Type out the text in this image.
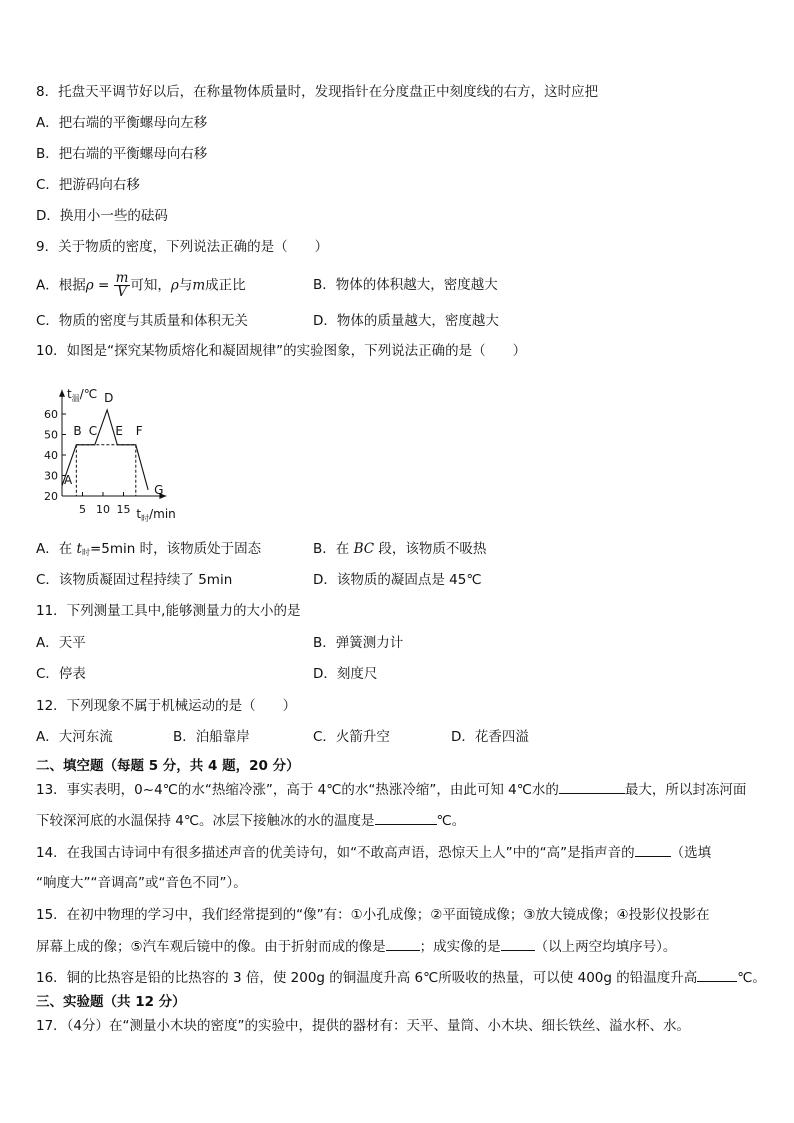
8．托盘天平调节好以后，在称量物体质量时，发现指针在分度盘正中刻度线的右方，这时应把
A．把右端的平衡螺母向左移
B．把右端的平衡螺母向右移
C．把游码向右移
D．换用小一些的砝码
9．关于物质的密度，下列说法正确的是（　　）
A．根据$\rho = \frac{m}{V}$ 可知，ρ与m成正比	B．物体的体积越大，密度越大
C．物质的密度与其质量和体积无关	D．物体的质量越大，密度越大
10．如图是“探究某物质熔化和凝固规律”的实验图象，下列说法正确的是（　　）
20
30
40
50
60
5 10 15
$t_温/℃$
$t_时/\min$
A
B C
D
E F
G
A．在 t时=5min 时，该物质处于固态	B．在 BC 段，该物质不吸热
C．该物质凝固过程持续了 5min	D．该物质的凝固点是 45℃
11．下列测量工具中,能够测量力的大小的是
A．天平	B．弹簧测力计
C．停表	D．刻度尺
12．下列现象不属于机械运动的是（　　）
A．大河东流	B．泊船靠岸	C．火箭升空	D．花香四溢
二、填空题（每题 5 分，共 4 题，20 分）
13．事实表明，0~4℃的水“热缩冷涨”，高于 4℃的水“热涨冷缩”，由此可知 4℃水的	最大，所以封冻河面
下较深河底的水温保持 4℃。冰层下接触冰的水的温度是	℃。
14．在我国古诗词中有很多描述声音的优美诗句，如“不敢高声语，恐惊天上人”中的“高”是指声音的	（选填
“响度大”“音调高”或“音色不同”）。
15．在初中物理的学习中，我们经常提到的“像”有：①小孔成像；②平面镜成像；③放大镜成像；④投影仪投影在
屏幕上成的像；⑤汽车观后镜中的像。由于折射而成的像是	；成实像的是	（以上两空均填序号）。
16．铜的比热容是铅的比热容的 3 倍，使 200g 的铜温度升高 6℃所吸收的热量，可以使 400g 的铅温度升高	℃。
三、实验题（共 12 分）
17．（4分）在“测量小木块的密度”的实验中，提供的器材有：天平、量筒、小木块、细长铁丝、溢水杯、水。
